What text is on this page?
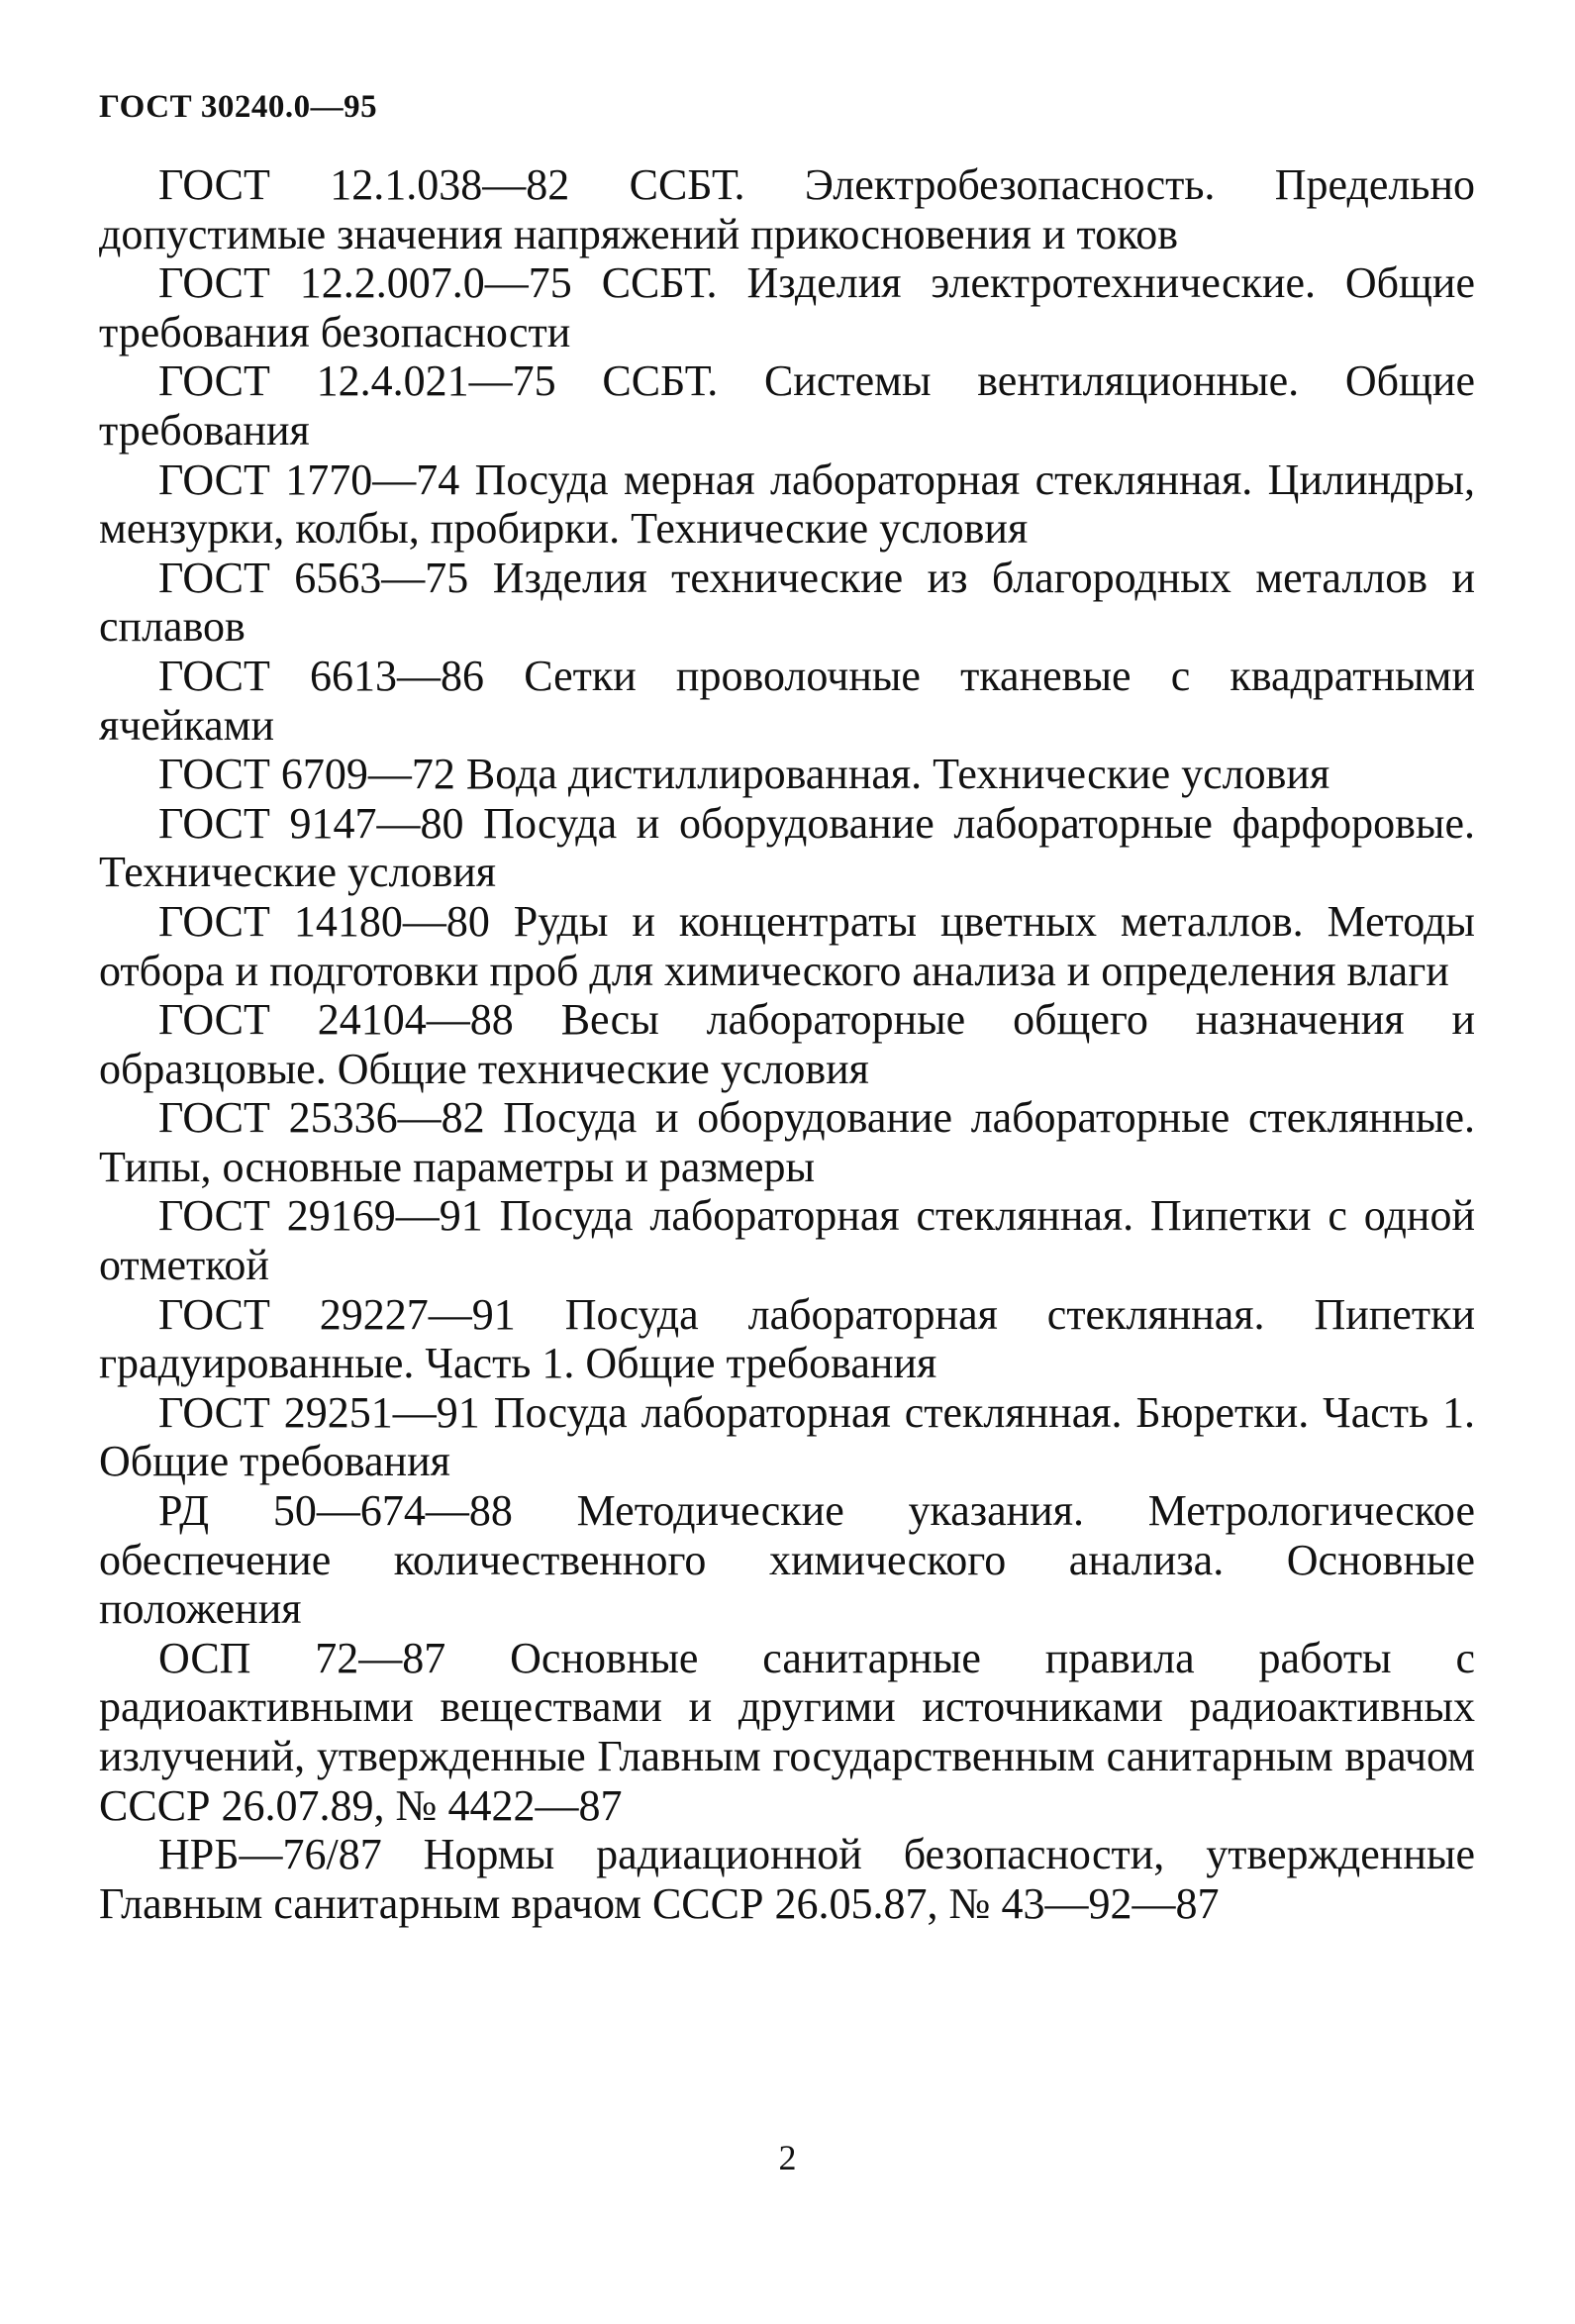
ГОСТ 30240.0—95
ГОСТ 12.1.038—82 ССБТ. Электробезопасность. Предельно допустимые значения напряжений прикосновения и токов
ГОСТ 12.2.007.0—75 ССБТ. Изделия электротехнические. Общие требования безопасности
ГОСТ 12.4.021—75 ССБТ. Системы вентиляционные. Общие требования
ГОСТ 1770—74 Посуда мерная лабораторная стеклянная. Цилиндры, мензурки, колбы, пробирки. Технические условия
ГОСТ 6563—75 Изделия технические из благородных металлов и сплавов
ГОСТ 6613—86 Сетки проволочные тканевые с квадратными ячейками
ГОСТ 6709—72 Вода дистиллированная. Технические условия
ГОСТ 9147—80 Посуда и оборудование лабораторные фарфоровые. Технические условия
ГОСТ 14180—80 Руды и концентраты цветных металлов. Методы отбора и подготовки проб для химического анализа и определения влаги
ГОСТ 24104—88 Весы лабораторные общего назначения и образцовые. Общие технические условия
ГОСТ 25336—82 Посуда и оборудование лабораторные стеклянные. Типы, основные параметры и размеры
ГОСТ 29169—91 Посуда лабораторная стеклянная. Пипетки с одной отметкой
ГОСТ 29227—91 Посуда лабораторная стеклянная. Пипетки градуированные. Часть 1. Общие требования
ГОСТ 29251—91 Посуда лабораторная стеклянная. Бюретки. Часть 1. Общие требования
РД 50—674—88 Методические указания. Метрологическое обеспечение количественного химического анализа. Основные положения
ОСП 72—87 Основные санитарные правила работы с радиоактивными веществами и другими источниками радиоактивных излучений, утвержденные Главным государственным санитарным врачом СССР 26.07.89, № 4422—87
НРБ—76/87 Нормы радиационной безопасности, утвержденные Главным санитарным врачом СССР 26.05.87, № 43—92—87
2
